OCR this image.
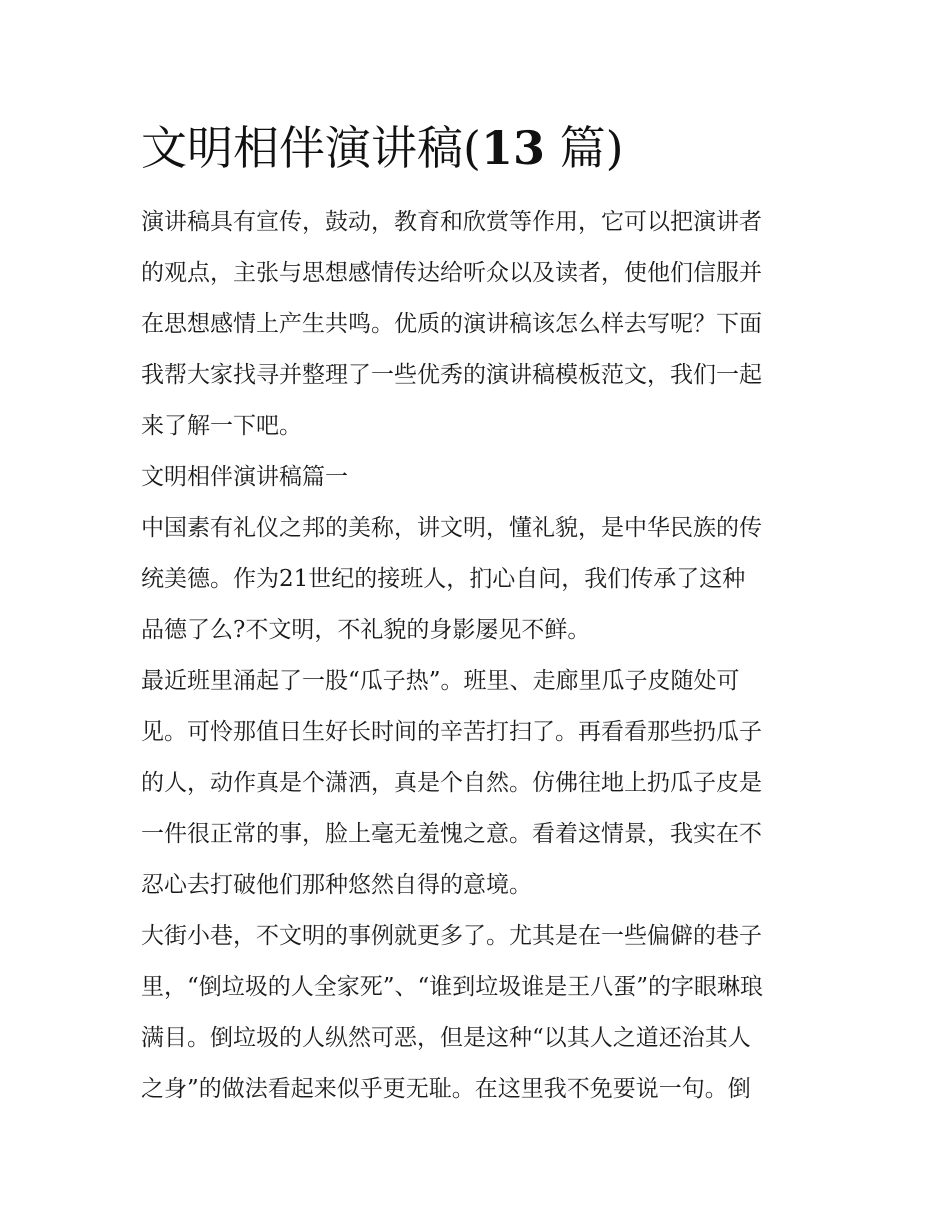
文明相伴演讲稿(13 篇)
演讲稿具有宣传，鼓动，教育和欣赏等作用，它可以把演讲者
的观点，主张与思想感情传达给听众以及读者，使他们信服并
在思想感情上产生共鸣。优质的演讲稿该怎么样去写呢？下面
我帮大家找寻并整理了一些优秀的演讲稿模板范文，我们一起
来了解一下吧。
文明相伴演讲稿篇一
中国素有礼仪之邦的美称，讲文明，懂礼貌，是中华民族的传
统美德。作为21世纪的接班人，扪心自问，我们传承了这种
品德了么?不文明，不礼貌的身影屡见不鲜。
最近班里涌起了一股“瓜子热”。班里、走廊里瓜子皮随处可
见。可怜那值日生好长时间的辛苦打扫了。再看看那些扔瓜子
的人，动作真是个潇洒，真是个自然。仿佛往地上扔瓜子皮是
一件很正常的事，脸上毫无羞愧之意。看着这情景，我实在不
忍心去打破他们那种悠然自得的意境。
大街小巷，不文明的事例就更多了。尤其是在一些偏僻的巷子
里，“倒垃圾的人全家死”、“谁到垃圾谁是王八蛋”的字眼琳琅
满目。倒垃圾的人纵然可恶，但是这种“以其人之道还治其人
之身”的做法看起来似乎更无耻。在这里我不免要说一句。倒
